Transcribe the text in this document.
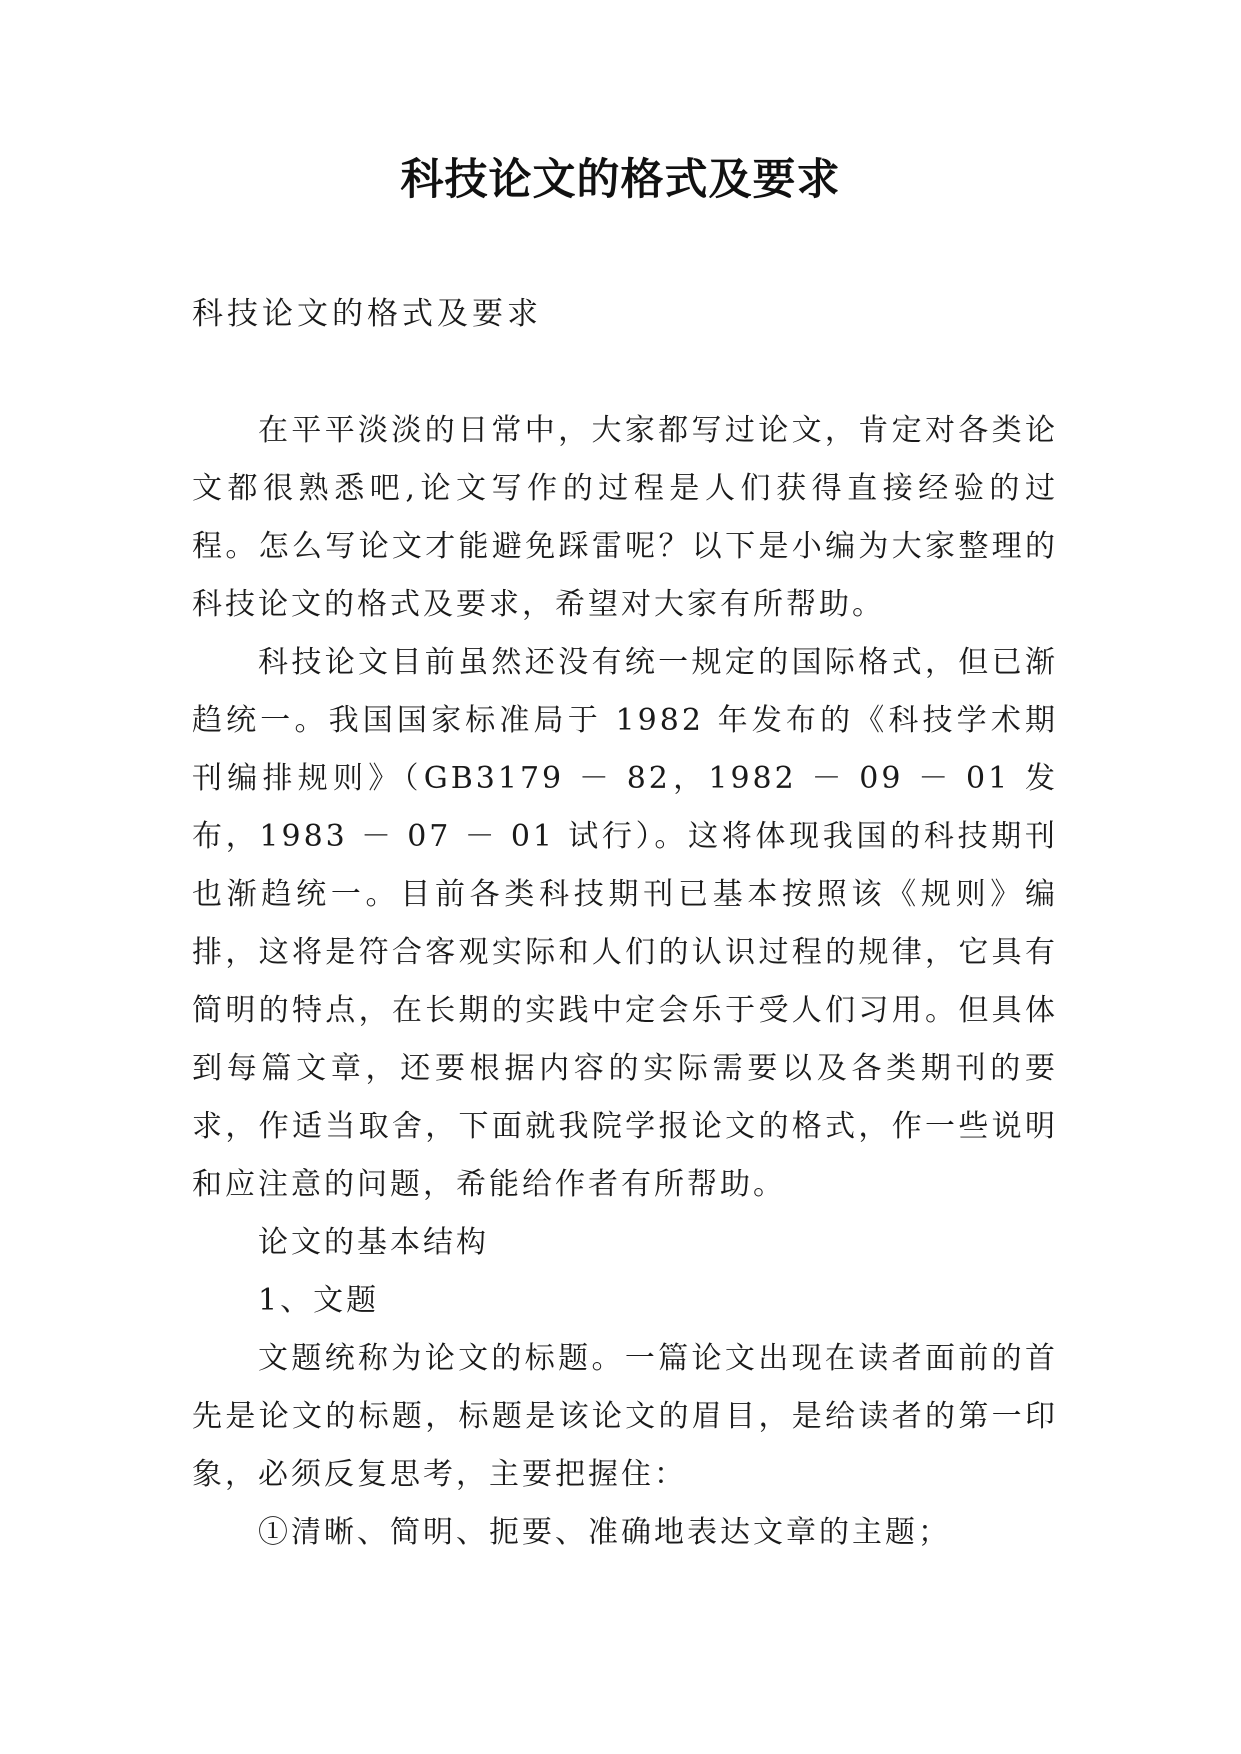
科技论文的格式及要求

科技论文的格式及要求

在平平淡淡的日常中，大家都写过论文，肯定对各类论文都很熟悉吧,论文写作的过程是人们获得直接经验的过程。怎么写论文才能避免踩雷呢？以下是小编为大家整理的科技论文的格式及要求，希望对大家有所帮助。

科技论文目前虽然还没有统一规定的国际格式，但已渐趋统一。我国国家标准局于 1982 年发布的《科技学术期刊编排规则》（GB3179 － 82，1982 － 09 － 01 发布，1983 － 07 － 01 试行）。这将体现我国的科技期刊也渐趋统一。目前各类科技期刊已基本按照该《规则》编排，这将是符合客观实际和人们的认识过程的规律，它具有简明的特点，在长期的实践中定会乐于受人们习用。但具体到每篇文章，还要根据内容的实际需要以及各类期刊的要求，作适当取舍，下面就我院学报论文的格式，作一些说明和应注意的问题，希能给作者有所帮助。

论文的基本结构

1、文题

文题统称为论文的标题。一篇论文出现在读者面前的首先是论文的标题，标题是该论文的眉目，是给读者的第一印象，必须反复思考，主要把握住：

①清晰、简明、扼要、准确地表达文章的主题；
